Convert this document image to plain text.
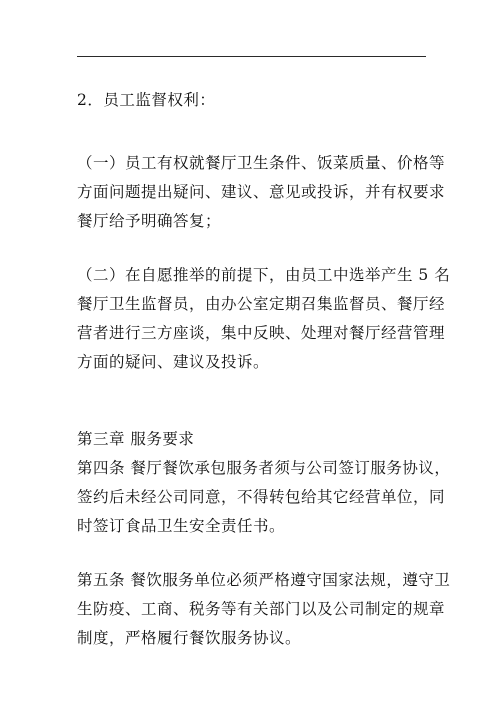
2．员工监督权利：
（一）员工有权就餐厅卫生条件、饭菜质量、价格等
方面问题提出疑问、建议、意见或投诉，并有权要求
餐厅给予明确答复；
（二）在自愿推举的前提下，由员工中选举产生 5 名
餐厅卫生监督员，由办公室定期召集监督员、餐厅经
营者进行三方座谈，集中反映、处理对餐厅经营管理
方面的疑问、建议及投诉。
第三章 服务要求
第四条 餐厅餐饮承包服务者须与公司签订服务协议，
签约后未经公司同意，不得转包给其它经营单位，同
时签订食品卫生安全责任书。
第五条 餐饮服务单位必须严格遵守国家法规，遵守卫
生防疫、工商、税务等有关部门以及公司制定的规章
制度，严格履行餐饮服务协议。
